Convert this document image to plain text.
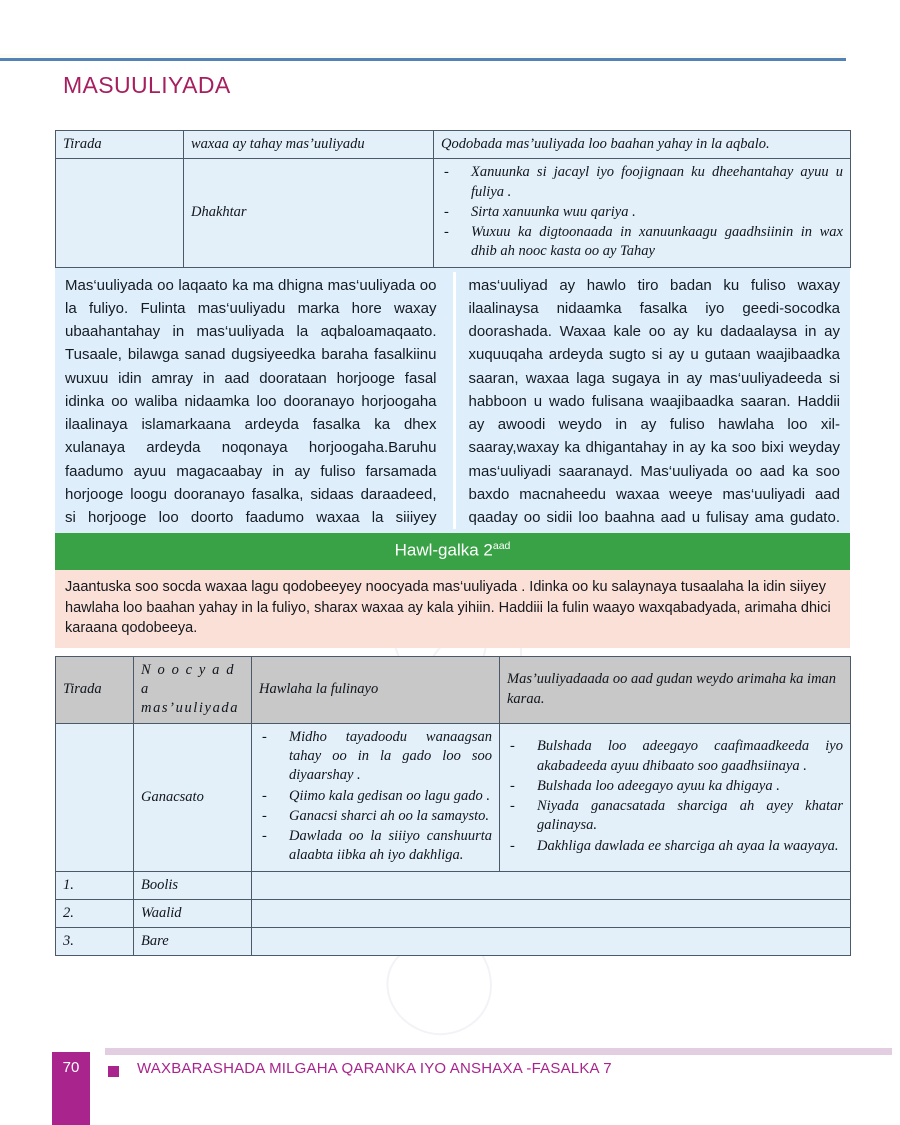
MASUULIYADA
Tirada	waxaa ay tahay mas’uuliyadu	Qodobada mas’uuliyada loo baahan yahay in la aqbalo.
	Dhakhtar	
- Xanuunka si jacayl iyo foojignaan ku dheehantahay ayuu u fuliya .
- Sirta xanuunka wuu qariya .
- Wuxuu ka digtoonaada in xanuunkaagu gaadhsiinin in wax dhib ah nooc kasta oo ay Tahay
Mas‘uuliyada oo laqaato ka ma dhigna mas‘uuliyada oo la fuliyo. Fulinta mas‘uuliyadu marka hore waxay ubaahantahay in mas‘uuliyada la aqbaloamaqaato. Tusaale, bilawga sanad dugsiyeedka baraha fasalkiinu wuxuu idin amray in aad doorataan horjooge fasal idinka oo waliba nidaamka loo dooranayo horjoogaha ilaalinaya islamarkaana ardeyda fasalka ka dhex xulanaya ardeyda noqonaya horjoogaha.Baruhu faadumo ayuu magacaabay in ay fuliso farsamada horjooge loogu dooranayo fasalka, sidaas daraadeed, si horjooge loo doorto faadumo waxaa la siiiyey
mas‘uuliyad ay hawlo tiro badan ku fuliso waxay ilaalinaysa nidaamka fasalka iyo geedi-socodka doorashada. Waxaa kale oo ay ku dadaalaysa in ay xuquuqaha ardeyda sugto si ay u gutaan waajibaadka saaran, waxaa laga sugaya in ay mas‘uuliyadeeda si habboon u wado fulisana waajibaadka saaran. Haddii ay awoodi weydo in ay fuliso hawlaha loo xil-saaray,waxay ka dhigantahay in ay ka soo bixi weyday mas‘uuliyadi saaranayd. Mas‘uuliyada oo aad ka soo baxdo macnaheedu waxaa weeye mas‘uuliyadi aad qaaday oo sidii loo baahna aad u fulisay ama gudato.
Hawl-galka $2^{aad}$
Jaantuska soo socda waxaa lagu qodobeeyey noocyada mas‘uuliyada . Idinka oo ku salaynaya tusaalaha la idin siiyey hawlaha loo baahan yahay in la fuliyo, sharax waxaa ay kala yihiin. Haddiii la fulin waayo waxqabadyada, arimaha dhici karaana qodobeeya.
Tirada	N o o c y a d a mas’uuliyada	Hawlaha la fulinayo	Mas’uuliyadaada oo aad gudan weydo arimaha ka iman karaa.
	Ganacsato	
- Midho tayadoodu wanaagsan tahay oo in la gado loo soo diyaarshay .
- Qiimo kala gedisan oo lagu gado .
- Ganacsi sharci ah oo la samaysto.
- Dawlada oo la siiiyo canshuurta alaabta iibka ah iyo dakhliga.

- Bulshada loo adeegayo caafimaadkeeda iyo akabadeeda ayuu dhibaato soo gaadhsiinaya .
- Bulshada loo adeegayo ayuu ka dhigaya .
- Niyada ganacsatada sharciga ah ayey khatar galinaysa.
- Dakhliga dawlada ee sharciga ah ayaa la waayaya.

1.	Boolis		
2.	Waalid		
3.	Bare		
70	WAXBARASHADA MILGAHA QARANKA IYO ANSHAXA -FASALKA 7
